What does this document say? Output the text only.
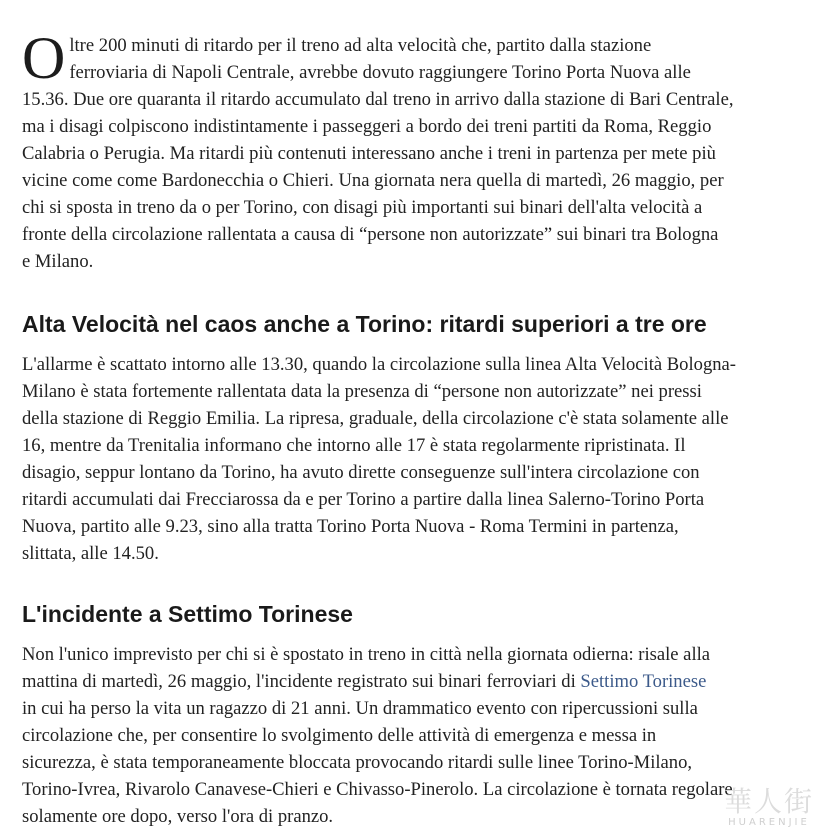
O ltre 200 minuti di ritardo per il treno ad alta velocità che, partito dalla stazione
ferroviaria di Napoli Centrale, avrebbe dovuto raggiungere Torino Porta Nuova alle
15.36. Due ore quaranta il ritardo accumulato dal treno in arrivo dalla stazione di Bari Centrale,
ma i disagi colpiscono indistintamente i passeggeri a bordo dei treni partiti da Roma, Reggio
Calabria o Perugia. Ma ritardi più contenuti interessano anche i treni in partenza per mete più
vicine come come Bardonecchia o Chieri. Una giornata nera quella di martedì, 26 maggio, per
chi si sposta in treno da o per Torino, con disagi più importanti sui binari dell'alta velocità a
fronte della circolazione rallentata a causa di “persone non autorizzate” sui binari tra Bologna
e Milano.
Alta Velocità nel caos anche a Torino: ritardi superiori a tre ore
L'allarme è scattato intorno alle 13.30, quando la circolazione sulla linea Alta Velocità Bologna-
Milano è stata fortemente rallentata data la presenza di “persone non autorizzate” nei pressi
della stazione di Reggio Emilia. La ripresa, graduale, della circolazione c'è stata solamente alle
16, mentre da Trenitalia informano che intorno alle 17 è stata regolarmente ripristinata. Il
disagio, seppur lontano da Torino, ha avuto dirette conseguenze sull'intera circolazione con
ritardi accumulati dai Frecciarossa da e per Torino a partire dalla linea Salerno-Torino Porta
Nuova, partito alle 9.23, sino alla tratta Torino Porta Nuova - Roma Termini in partenza,
slittata, alle 14.50.
L'incidente a Settimo Torinese
Non l'unico imprevisto per chi si è spostato in treno in città nella giornata odierna: risale alla
mattina di martedì, 26 maggio, l'incidente registrato sui binari ferroviari di Settimo Torinese
in cui ha perso la vita un ragazzo di 21 anni. Un drammatico evento con ripercussioni sulla
circolazione che, per consentire lo svolgimento delle attività di emergenza e messa in
sicurezza, è stata temporaneamente bloccata provocando ritardi sulle linee Torino-Milano,
Torino-Ivrea, Rivarolo Canavese-Chieri e Chivasso-Pinerolo. La circolazione è tornata regolare
solamente ore dopo, verso l'ora di pranzo.	華人街
HUARENJIE
